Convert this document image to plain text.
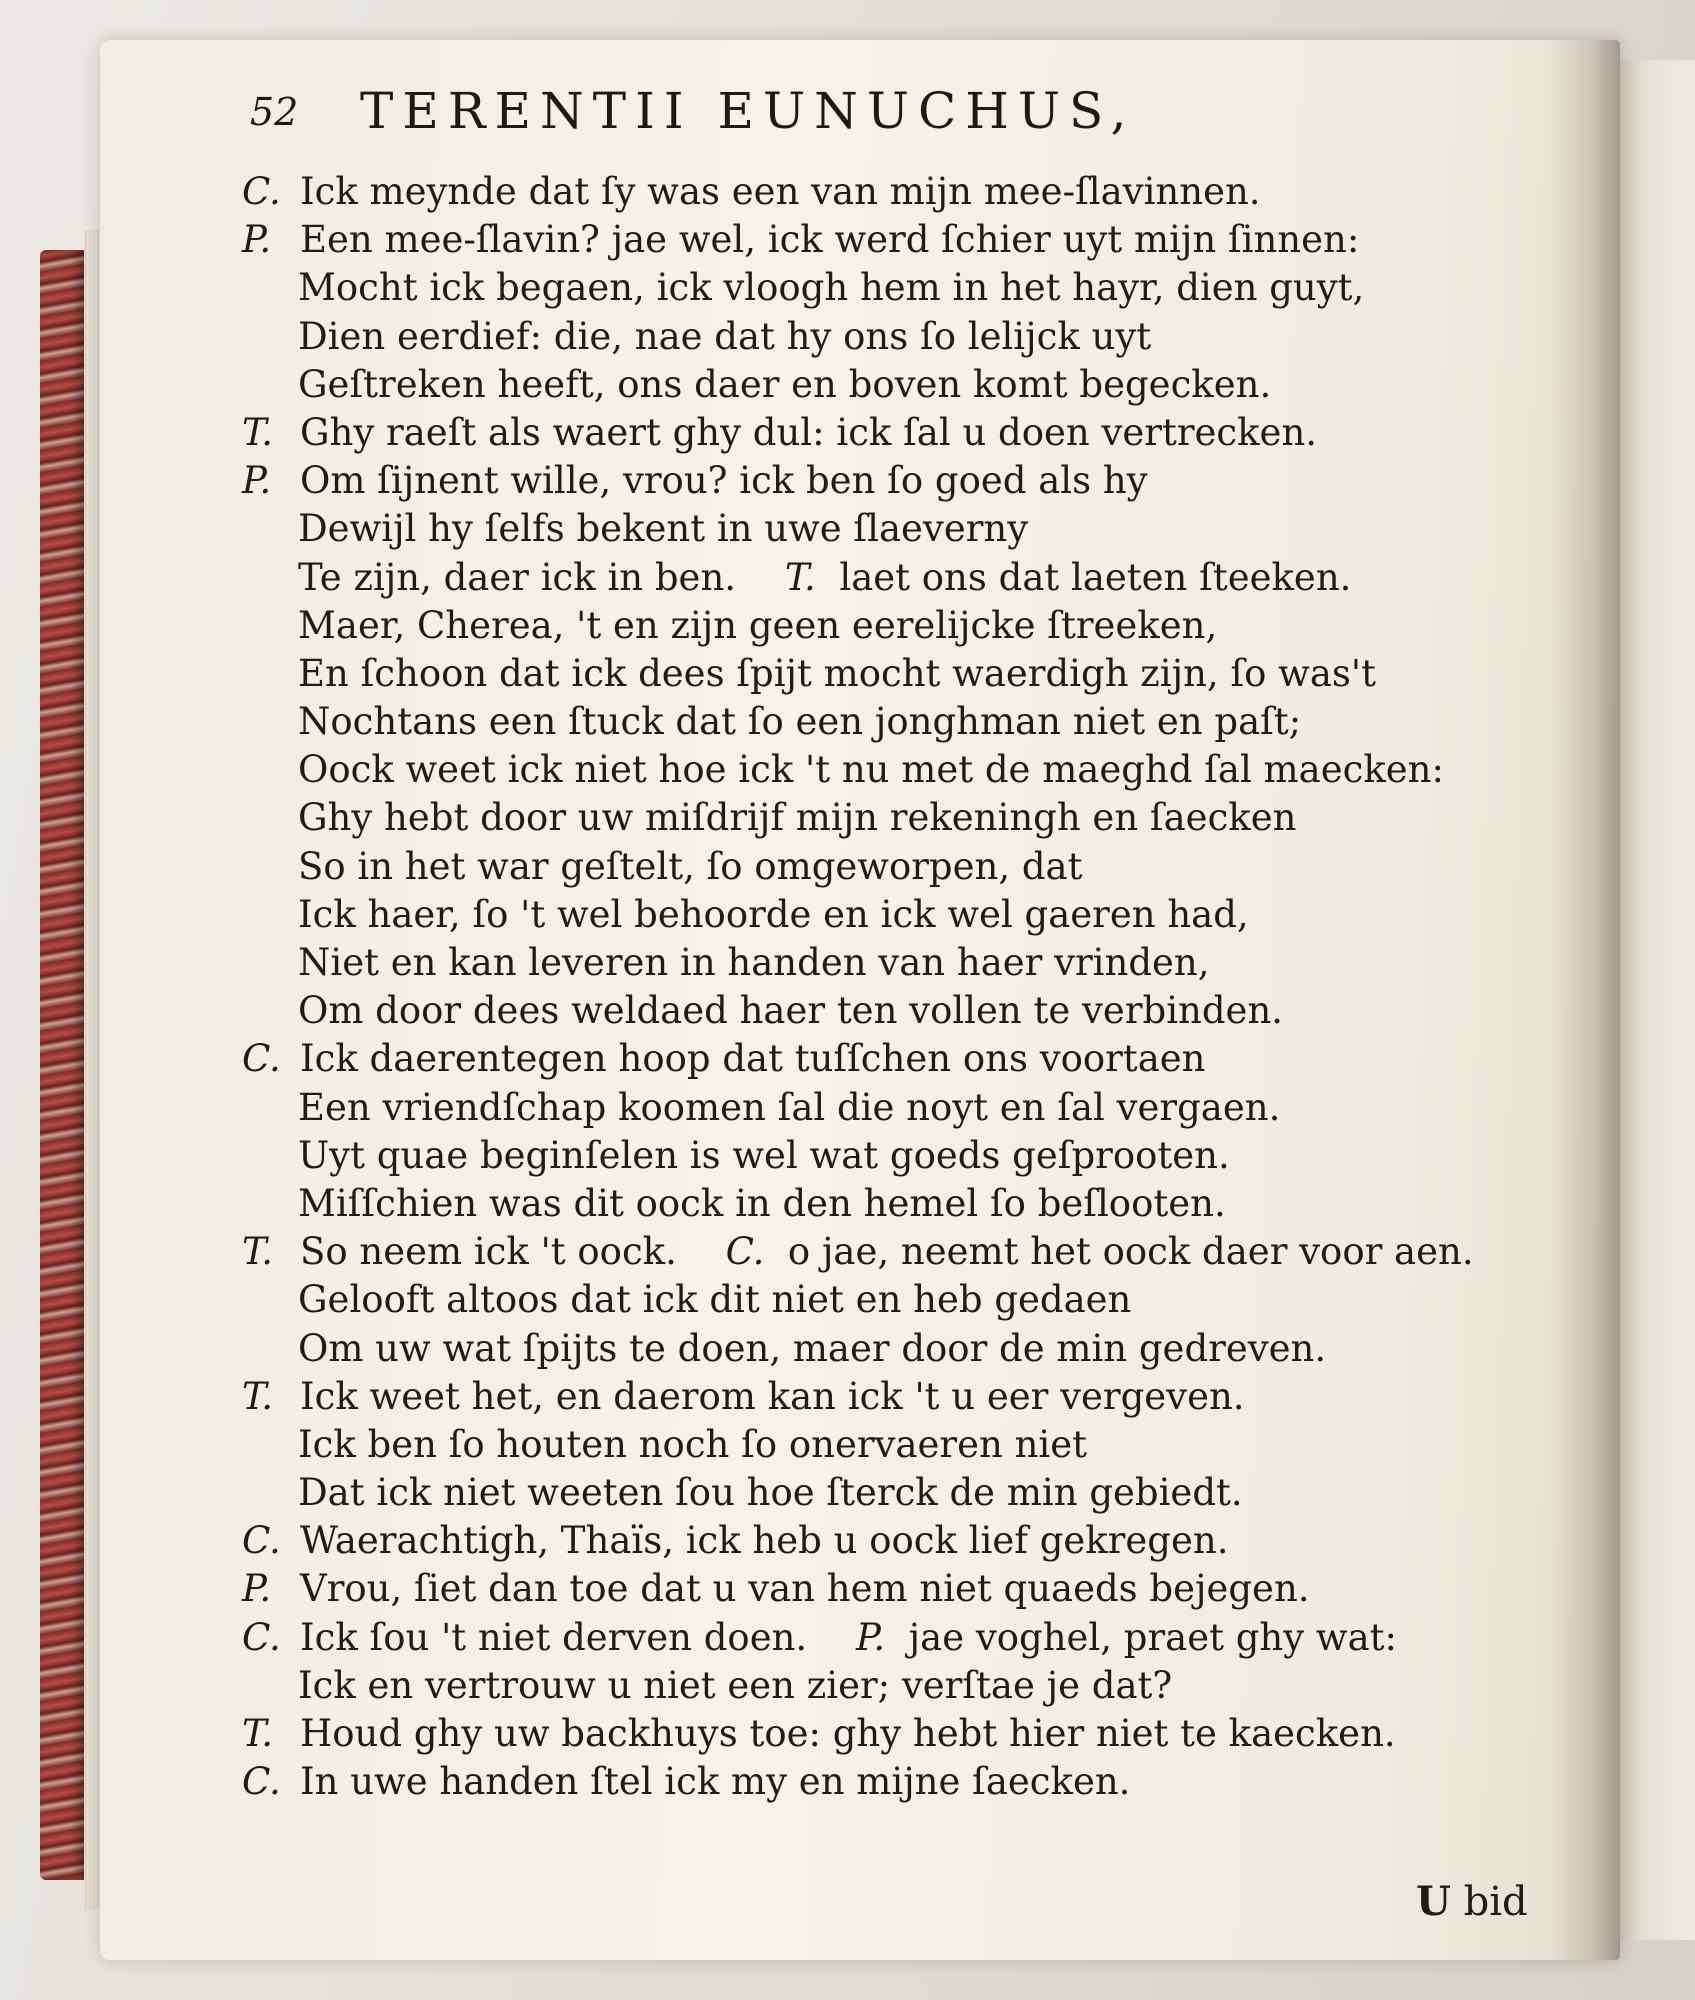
52 TERENTII EUNUCHUS,
C. Ick meynde dat ſy was een van mijn mee-ſlavinnen.
P. Een mee-ſlavin? jae wel, ick werd ſchier uyt mijn ſinnen:
Mocht ick begaen, ick vloogh hem in het hayr, dien guyt,
Dien eerdief: die, nae dat hy ons ſo lelijck uyt
Geſtreken heeft, ons daer en boven komt begecken.
T. Ghy raeſt als waert ghy dul: ick ſal u doen vertrecken.
P. Om ſijnent wille, vrou? ick ben ſo goed als hy
Dewijl hy ſelfs bekent in uwe ſlaeverny
Te zijn, daer ick in ben.  T. laet ons dat laeten ſteeken.
Maer, Cherea, 't en zijn geen eerelijcke ſtreeken,
En ſchoon dat ick dees ſpijt mocht waerdigh zijn, ſo was't
Nochtans een ſtuck dat ſo een jonghman niet en paſt;
Oock weet ick niet hoe ick 't nu met de maeghd ſal maecken:
Ghy hebt door uw miſdrijf mijn rekeningh en ſaecken
So in het war geſtelt, ſo omgeworpen, dat
Ick haer, ſo 't wel behoorde en ick wel gaeren had,
Niet en kan leveren in handen van haer vrinden,
Om door dees weldaed haer ten vollen te verbinden.
C. Ick daerentegen hoop dat tuſſchen ons voortaen
Een vriendſchap koomen ſal die noyt en ſal vergaen.
Uyt quae beginſelen is wel wat goeds geſprooten.
Miſſchien was dit oock in den hemel ſo beſlooten.
T. So neem ick 't oock.  C. o jae, neemt het oock daer voor aen.
Gelooft altoos dat ick dit niet en heb gedaen
Om uw wat ſpijts te doen, maer door de min gedreven.
T. Ick weet het, en daerom kan ick 't u eer vergeven.
Ick ben ſo houten noch ſo onervaeren niet
Dat ick niet weeten ſou hoe ſterck de min gebiedt.
C. Waerachtigh, Thaïs, ick heb u oock lief gekregen.
P. Vrou, ſiet dan toe dat u van hem niet quaeds bejegen.
C. Ick ſou 't niet derven doen.  P. jae voghel, praet ghy wat:
Ick en vertrouw u niet een zier; verſtae je dat?
T. Houd ghy uw backhuys toe: ghy hebt hier niet te kaecken.
C. In uwe handen ſtel ick my en mijne ſaecken.
U bid
